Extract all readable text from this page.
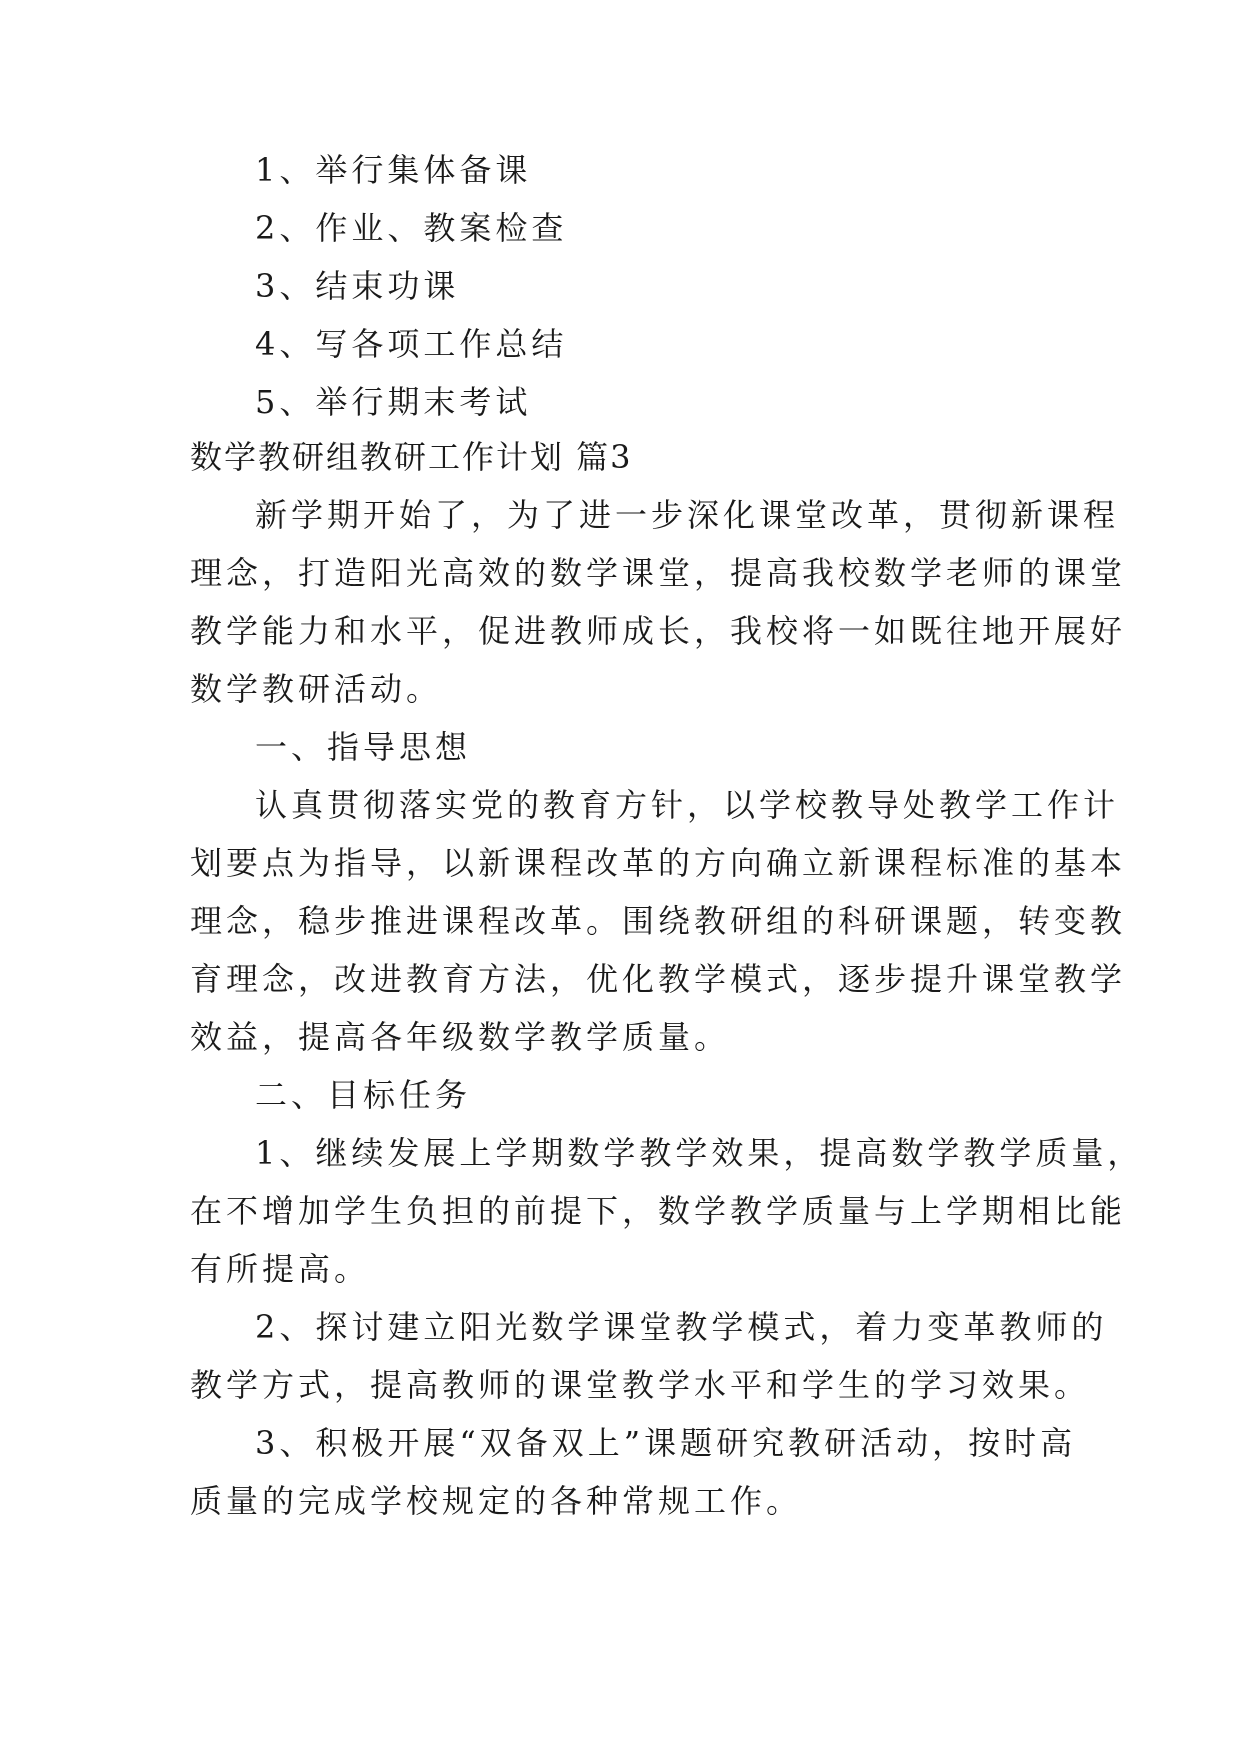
1、举行集体备课
2、作业、教案检查
3、结束功课
4、写各项工作总结
5、举行期末考试
数学教研组教研工作计划 篇3
新学期开始了，为了进一步深化课堂改革，贯彻新课程
理念，打造阳光高效的数学课堂，提高我校数学老师的课堂
教学能力和水平，促进教师成长，我校将一如既往地开展好
数学教研活动。
一、指导思想
认真贯彻落实党的教育方针，以学校教导处教学工作计
划要点为指导，以新课程改革的方向确立新课程标准的基本
理念，稳步推进课程改革。围绕教研组的科研课题，转变教
育理念，改进教育方法，优化教学模式，逐步提升课堂教学
效益，提高各年级数学教学质量。
二、目标任务
1、继续发展上学期数学教学效果，提高数学教学质量，
在不增加学生负担的前提下，数学教学质量与上学期相比能
有所提高。
2、探讨建立阳光数学课堂教学模式，着力变革教师的
教学方式，提高教师的课堂教学水平和学生的学习效果。
3、积极开展“双备双上”课题研究教研活动，按时高
质量的完成学校规定的各种常规工作。
